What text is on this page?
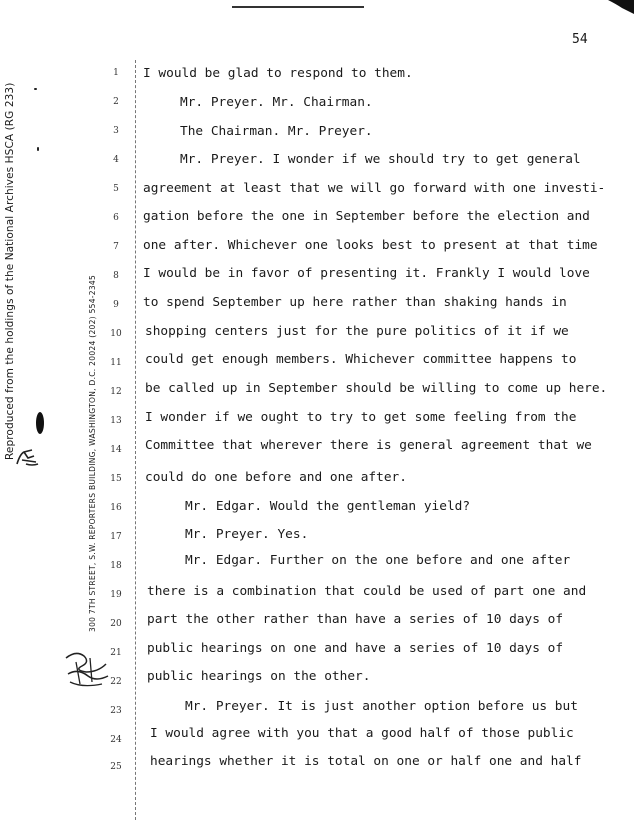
54
Reproduced from the holdings of the National Archives HSCA (RG 233)	300 7TH STREET, S.W. REPORTERS BUILDING, WASHINGTON, D.C. 20024 (202) 554-2345
1
2
3
4
5
6
7
8
9
10
11
12
13
14
15
16
17
18
19
20
21
22
23
24
25
I would be glad to respond to them.
Mr. Preyer. Mr. Chairman.
The Chairman. Mr. Preyer.
Mr. Preyer. I wonder if we should try to get general
agreement at least that we will go forward with one investi-
gation before the one in September before the election and
one after. Whichever one looks best to present at that time
I would be in favor of presenting it. Frankly I would love
to spend September up here rather than shaking hands in
shopping centers just for the pure politics of it if we
could get enough members. Whichever committee happens to
be called up in September should be willing to come up here.
I wonder if we ought to try to get some feeling from the
Committee that wherever there is general agreement that we
could do one before and one after.
Mr. Edgar. Would the gentleman yield?
Mr. Preyer. Yes.
Mr. Edgar. Further on the one before and one after
there is a combination that could be used of part one and
part the other rather than have a series of 10 days of
public hearings on one and have a series of 10 days of
public hearings on the other.
Mr. Preyer. It is just another option before us but
I would agree with you that a good half of those public
hearings whether it is total on one or half one and half
